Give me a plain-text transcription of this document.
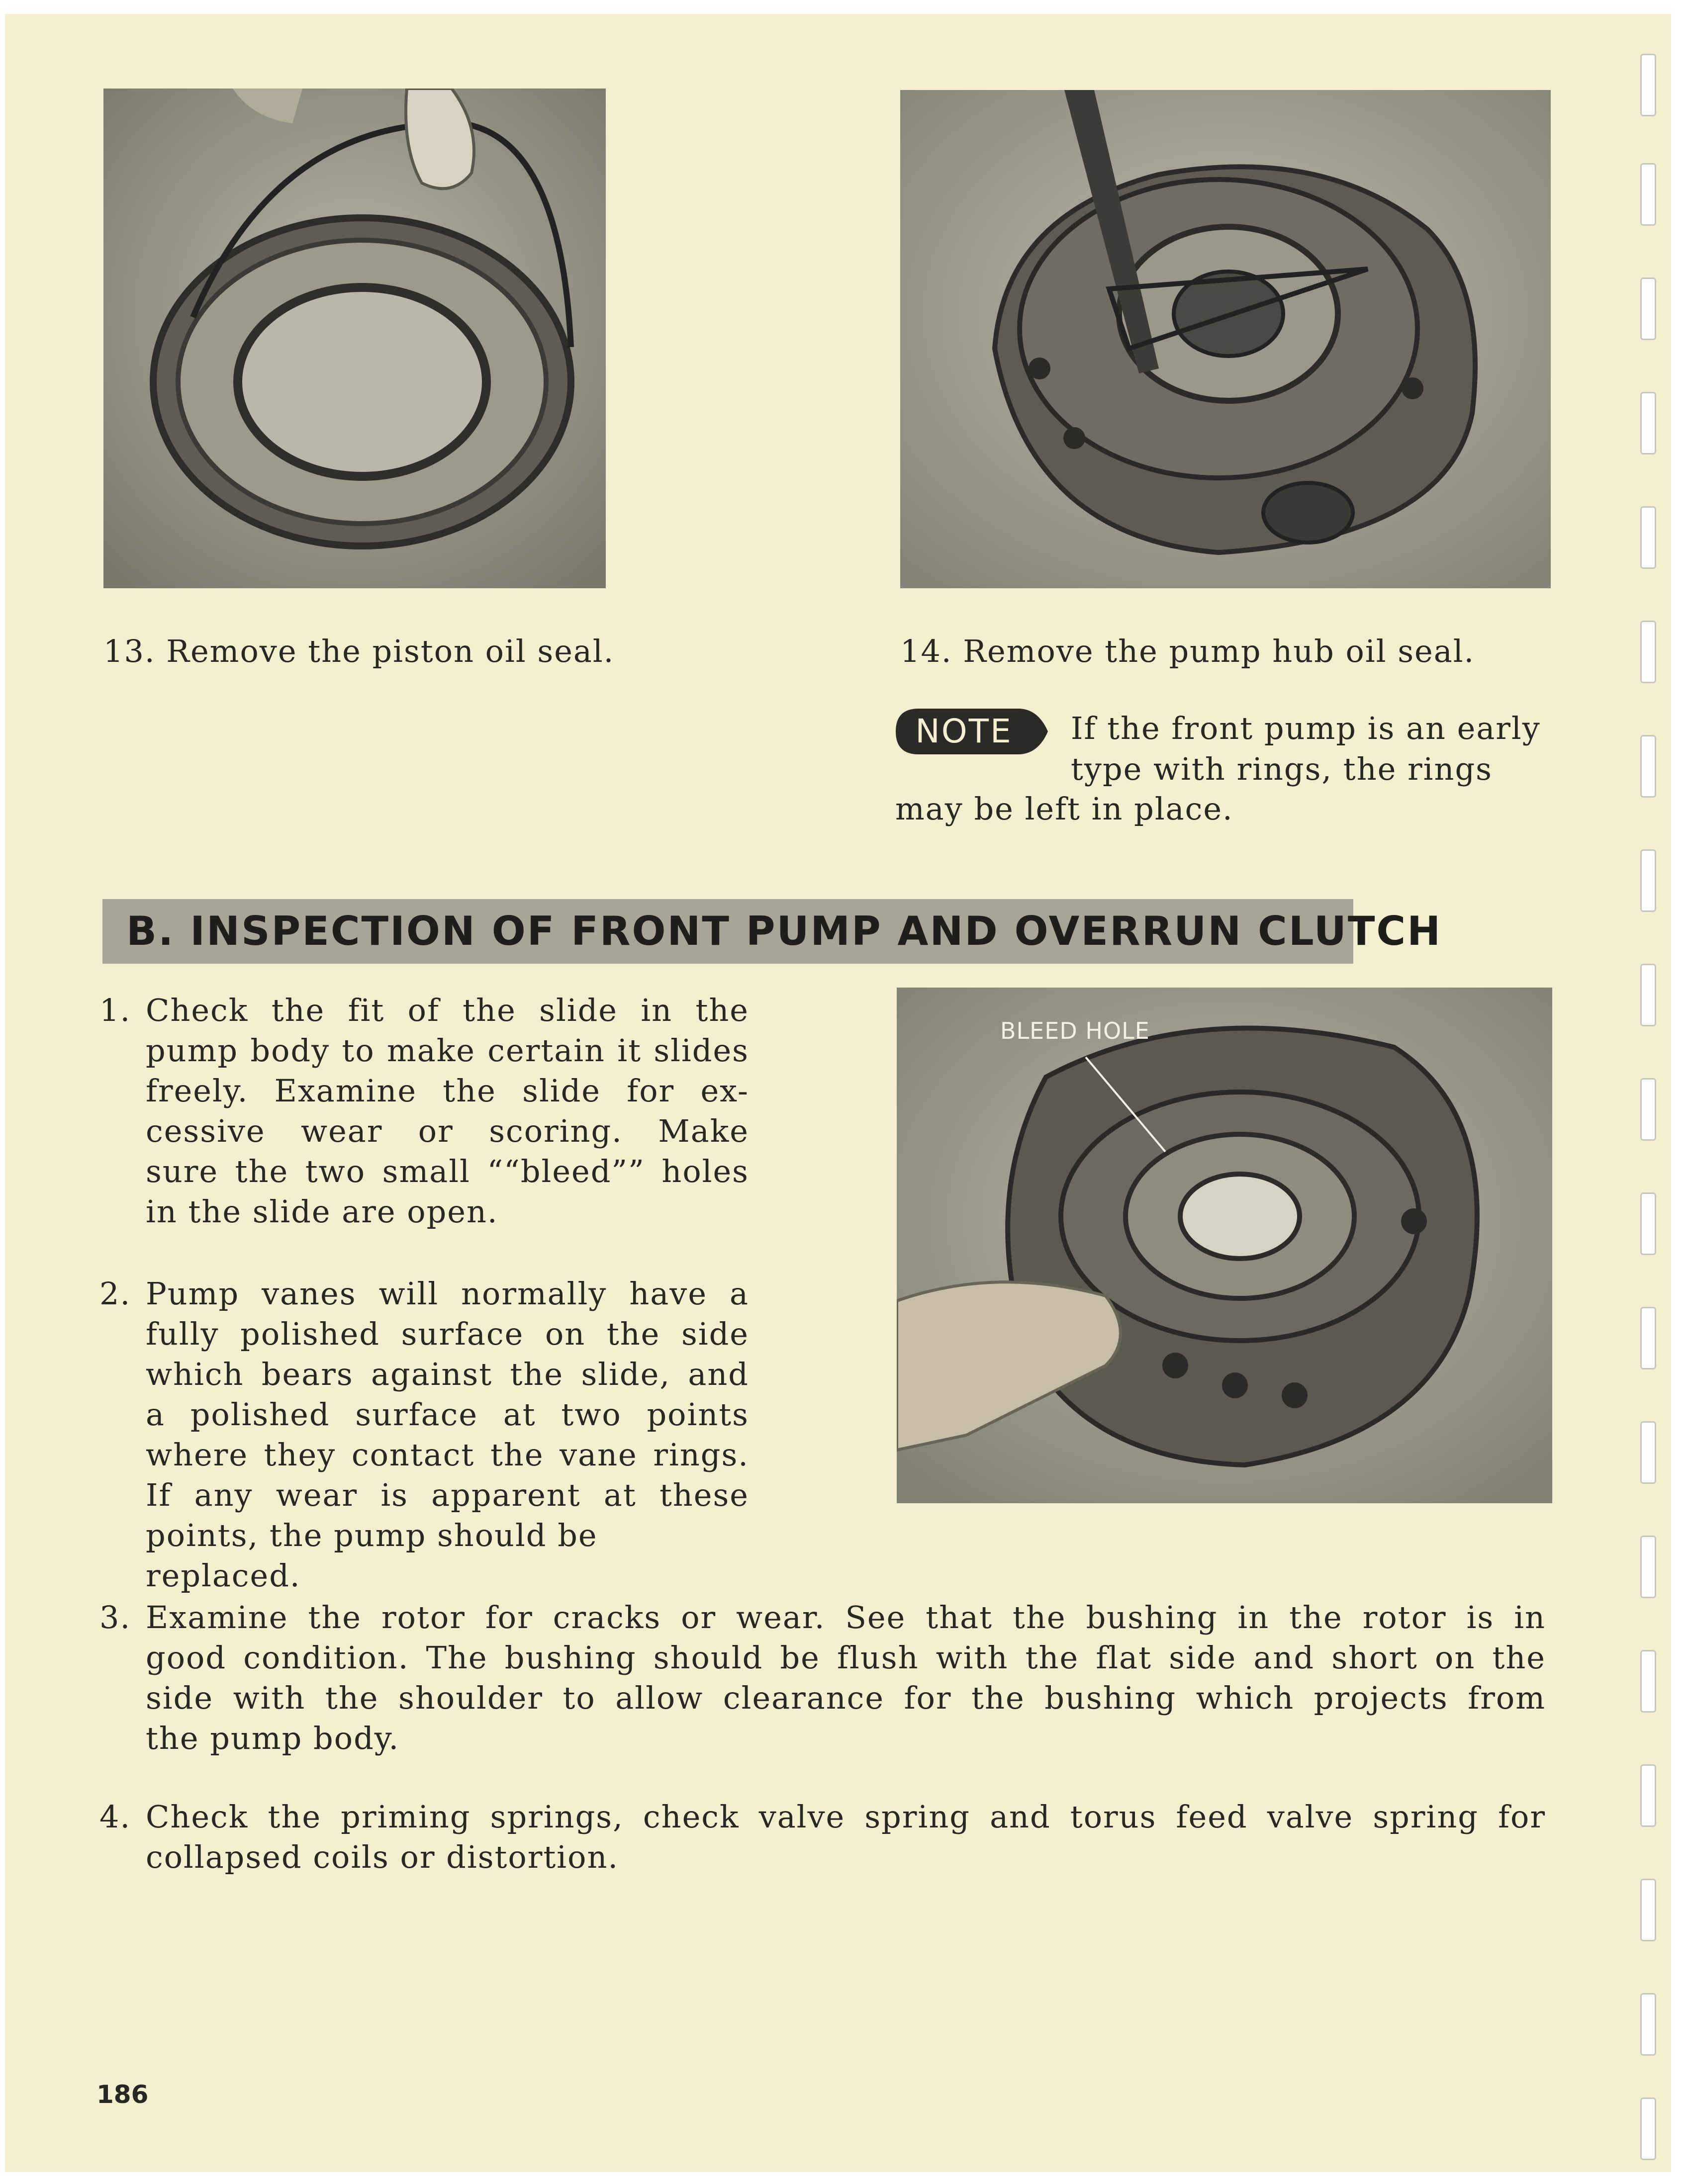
13. Remove the piston oil seal.	14. Remove the pump hub oil seal.
NOTE	If the front pump is an early
type with rings, the rings
may be left in place.
B. INSPECTION OF FRONT PUMP AND OVERRUN CLUTCH
1. Check the fit of the slide in the
pump body to make certain it slides
freely. Examine the slide for ex-
cessive wear or scoring. Make
sure the two small ““bleed”” holes
in the slide are open.
2. Pump vanes will normally have a
fully polished surface on the side
which bears against the slide, and
a polished surface at two points
where they contact the vane rings.
If any wear is apparent at these
points, the pump should be replaced.
BLEED HOLE
3. Examine the rotor for cracks or wear. See that the bushing in the rotor is in
good condition. The bushing should be flush with the flat side and short on the
side with the shoulder to allow clearance for the bushing which projects from
the pump body.
4. Check the priming springs, check valve spring and torus feed valve spring for
collapsed coils or distortion.
186
